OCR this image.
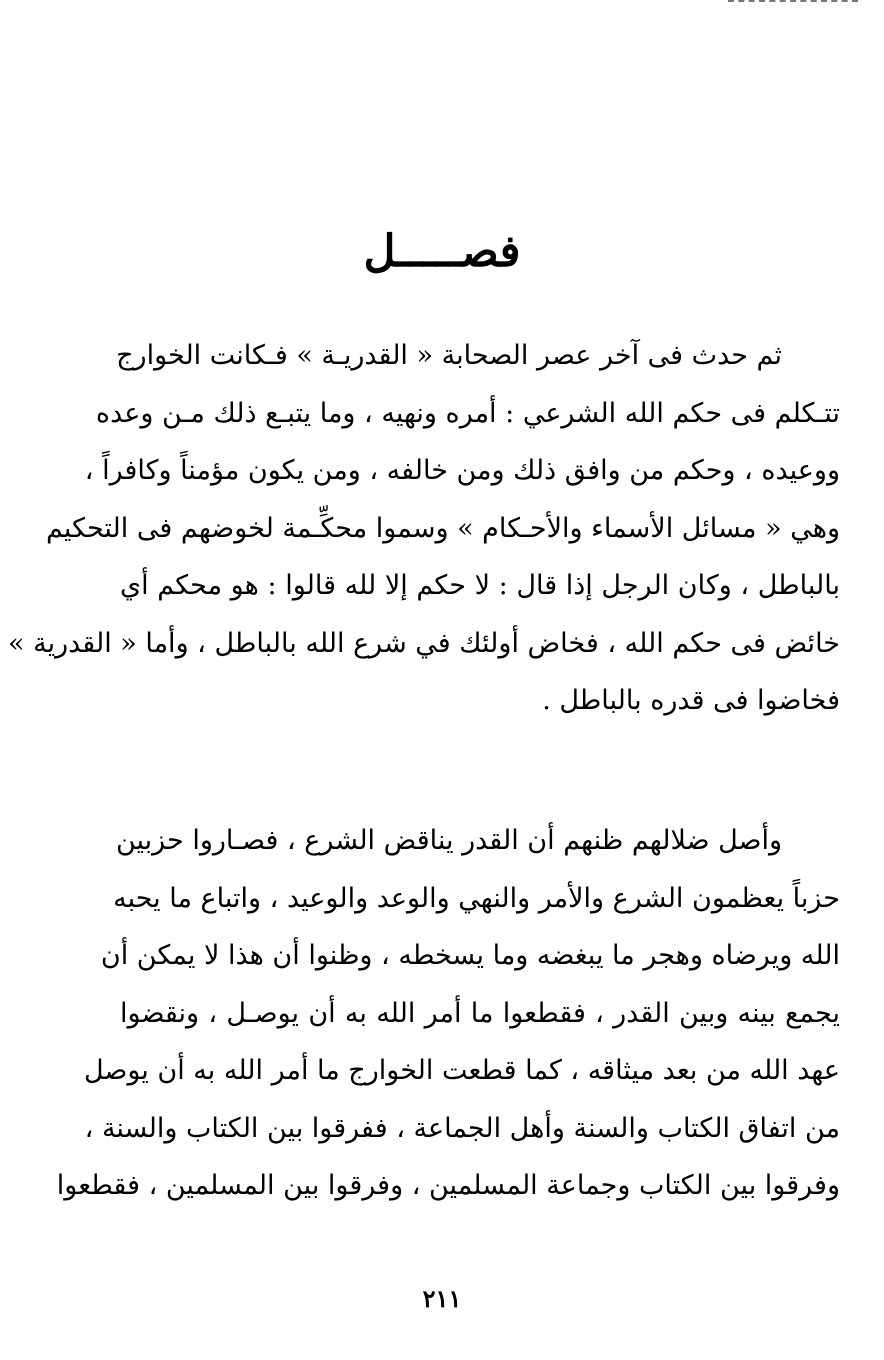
فصـــــل
ثم حدث فى آخر عصر الصحابة « القدريـة » فـكانت الخوارج
تتـكلم فى حكم الله الشرعي : أمره ونهيه ، وما يتبـع ذلك مـن وعده
ووعيده ، وحكم من وافق ذلك ومن خالفه ، ومن يكون مؤمناً وكافراً ،
وهي « مسائل الأسماء والأحـكام » وسموا محكِّـمة لخوضهم فى التحكيم
بالباطل ، وكان الرجل إذا قال : لا حكم إلا لله قالوا : هو محكم أي
خائض فى حكم الله ، فخاض أولئك في شرع الله بالباطل ، وأما « القدرية »
فخاضوا فى قدره بالباطل .
وأصل ضلالهم ظنهم أن القدر يناقض الشرع ، فصـاروا حزبين
حزباً يعظمون الشرع والأمر والنهي والوعد والوعيد ، واتباع ما يحبه
الله ويرضاه وهجر ما يبغضه وما يسخطه ، وظنوا أن هذا لا يمكن أن
يجمع بينه وبين القدر ، فقطعوا ما أمر الله به أن يوصـل ، ونقضوا
عهد الله من بعد ميثاقه ، كما قطعت الخوارج ما أمر الله به أن يوصل
من اتفاق الكتاب والسنة وأهل الجماعة ، ففرقوا بين الكتاب والسنة ،
وفرقوا بين الكتاب وجماعة المسلمين ، وفرقوا بين المسلمين ، فقطعوا
٢١١
